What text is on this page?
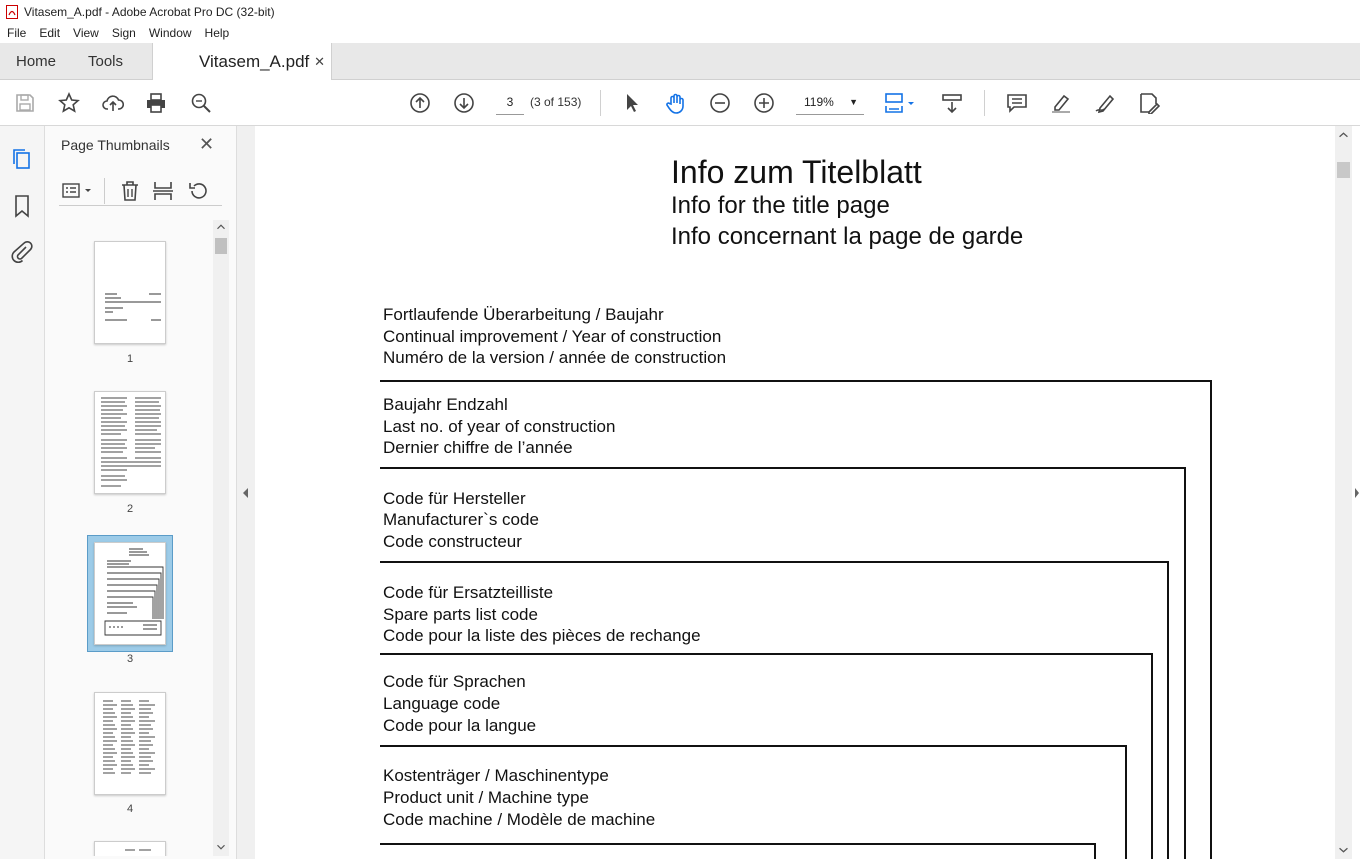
Vitasem_A.pdf - Adobe Acrobat Pro DC (32-bit)
File	Edit	View	Sign	Window	Help
Home Tools	Vitasem_A.pdf ✕
3	(3 of 153)	119% ▼
Page Thumbnails ✕
1
2
3
4
Info zum Titelblatt
Info for the title page
Info concernant la page de garde
Fortlaufende Überarbeitung / Baujahr
Continual improvement / Year of construction
Numéro de la version / année de construction
Baujahr Endzahl
Last no. of year of construction
Dernier chiffre de l’année
Code für Hersteller
Manufacturer`s code
Code constructeur
Code für Ersatzteilliste
Spare parts list code
Code pour la liste des pièces de rechange
Code für Sprachen
Language code
Code pour la langue
Kostenträger / Maschinentype
Product unit / Machine type
Code machine / Modèle de machine
